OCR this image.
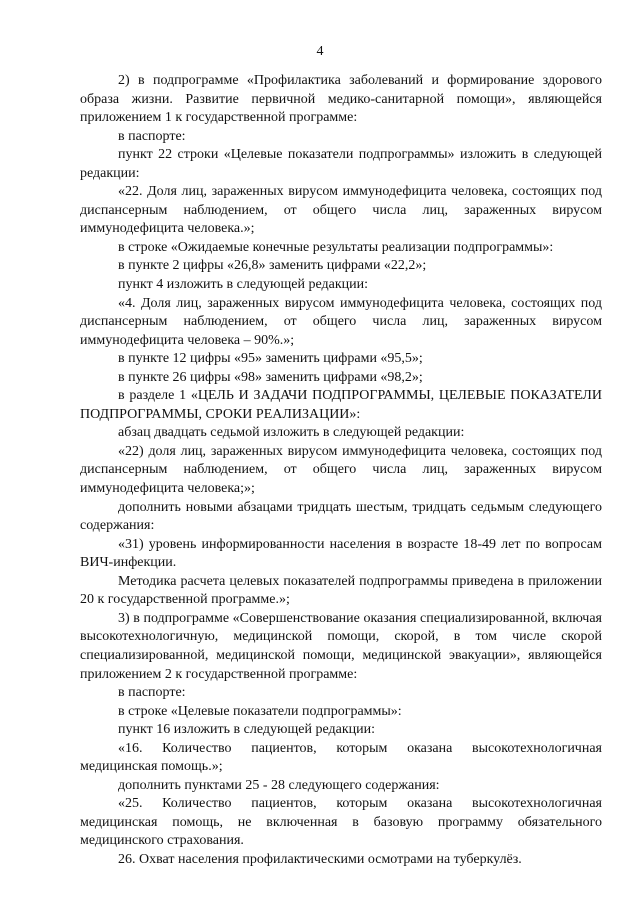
4

2) в подпрограмме «Профилактика заболеваний и формирование здорового образа жизни. Развитие первичной медико-санитарной помощи», являющейся приложением 1 к государственной программе:

в паспорте:

пункт 22 строки «Целевые показатели подпрограммы» изложить в следующей редакции:

«22. Доля лиц, зараженных вирусом иммунодефицита человека, состоящих под диспансерным наблюдением, от общего числа лиц, зараженных вирусом иммунодефицита человека.»;

в строке «Ожидаемые конечные результаты реализации подпрограммы»:

в пункте 2 цифры «26,8» заменить цифрами «22,2»;

пункт 4 изложить в следующей редакции:

«4. Доля лиц, зараженных вирусом иммунодефицита человека, состоящих под диспансерным наблюдением, от общего числа лиц, зараженных вирусом иммунодефицита человека – 90%.»;

в пункте 12 цифры «95» заменить цифрами «95,5»;

в пункте 26 цифры «98» заменить цифрами «98,2»;

в разделе 1 «ЦЕЛЬ И ЗАДАЧИ ПОДПРОГРАММЫ, ЦЕЛЕВЫЕ ПОКАЗАТЕЛИ ПОДПРОГРАММЫ, СРОКИ РЕАЛИЗАЦИИ»:

абзац двадцать седьмой изложить в следующей редакции:

«22) доля лиц, зараженных вирусом иммунодефицита человека, состоящих под диспансерным наблюдением, от общего числа лиц, зараженных вирусом иммунодефицита человека;»;

дополнить новыми абзацами тридцать шестым, тридцать седьмым следующего содержания:

«31) уровень информированности населения в возрасте 18-49 лет по вопросам ВИЧ-инфекции.

Методика расчета целевых показателей подпрограммы приведена в приложении 20 к государственной программе.»;

3) в подпрограмме «Совершенствование оказания специализированной, включая высокотехнологичную, медицинской помощи, скорой, в том числе скорой специализированной, медицинской помощи, медицинской эвакуации», являющейся приложением 2 к государственной программе:

в паспорте:

в строке «Целевые показатели подпрограммы»:

пункт 16 изложить в следующей редакции:

«16. Количество пациентов, которым оказана высокотехнологичная медицинская помощь.»;

дополнить пунктами 25 - 28 следующего содержания:

«25. Количество пациентов, которым оказана высокотехнологичная медицинская помощь, не включенная в базовую программу обязательного медицинского страхования.

26. Охват населения профилактическими осмотрами на туберкулёз.
